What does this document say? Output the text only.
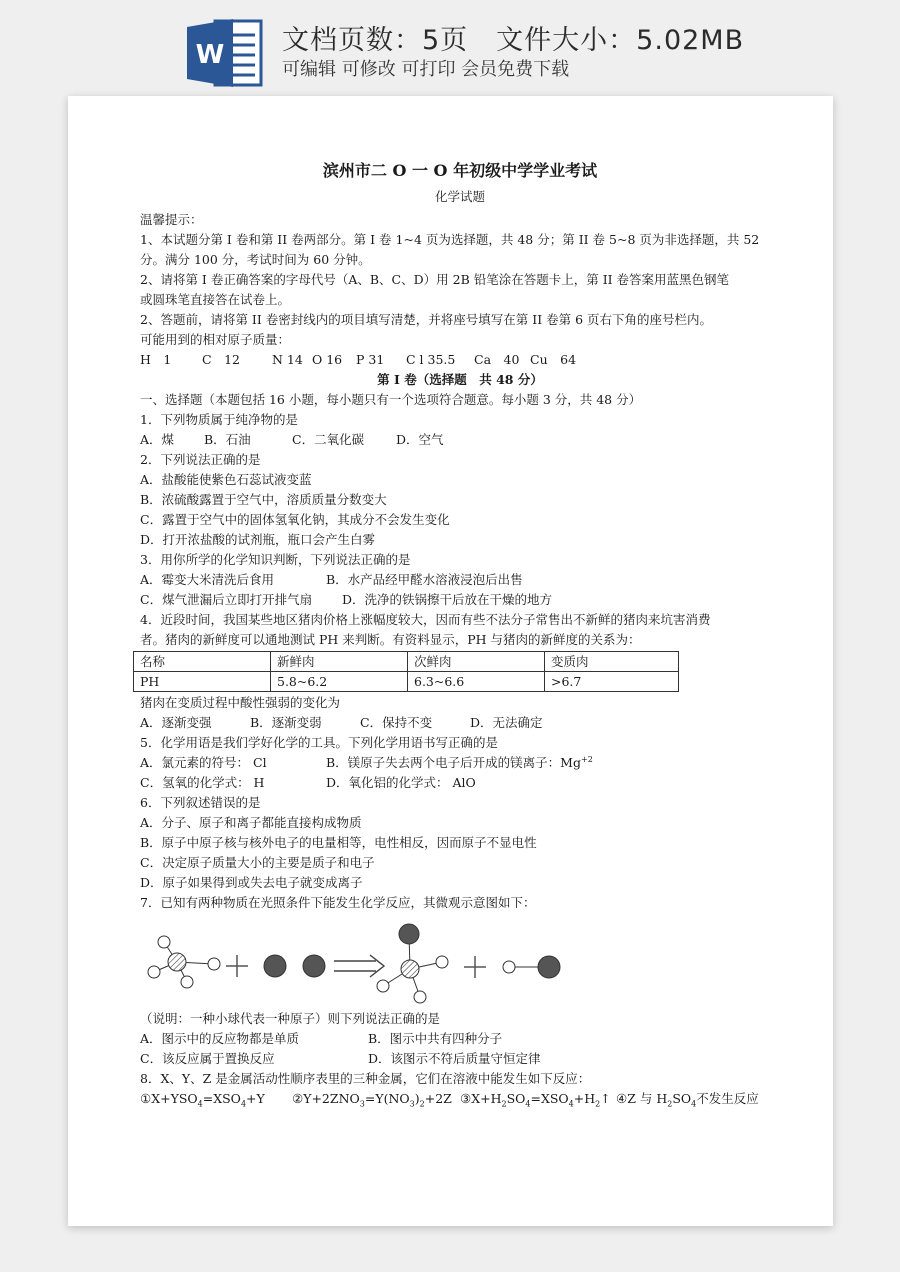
W 文档页数：5页　文件大小：5.02MB
可编辑 可修改 可打印 会员免费下载
滨州市二 O 一 O 年初级中学学业考试
化学试题
温馨提示：
1、本试题分第 I 卷和第 II 卷两部分。第 I 卷 1~4 页为选择题，共 48 分；第 II 卷 5~8 页为非选择题，共 52
分。满分 100 分，考试时间为 60 分钟。
2、请将第 I 卷正确答案的字母代号（A、B、C、D）用 2B 铅笔涂在答题卡上，第 II 卷答案用蓝黑色钢笔
或圆珠笔直接答在试卷上。
2、答题前，请将第 II 卷密封线内的项目填写清楚，并将座号填写在第 II 卷第 6 页右下角的座号栏内。
可能用到的相对原子质量：
H　1 C　12	N 14 O 16 P 31 C l 35.5 Ca　40 Cu　64
第 I 卷（选择题　共 48 分）
一、选择题（本题包括 16 小题，每小题只有一个选项符合题意。每小题 3 分，共 48 分）
1．下列物质属于纯净物的是
A．煤 B．石油	C．二氧化碳	D．空气
2．下列说法正确的是
A．盐酸能使紫色石蕊试液变蓝
B．浓硫酸露置于空气中，溶质质量分数变大
C．露置于空气中的固体氢氧化钠，其成分不会发生变化
D．打开浓盐酸的试剂瓶，瓶口会产生白雾
3．用你所学的化学知识判断，下列说法正确的是
A．霉变大米清洗后食用	B．水产品经甲醛水溶液浸泡后出售
C．煤气泄漏后立即打开排气扇 D．洗净的铁锅擦干后放在干燥的地方
4．近段时间，我国某些地区猪肉价格上涨幅度较大，因而有些不法分子常售出不新鲜的猪肉来坑害消费
者。猪肉的新鲜度可以通地测试 PH 来判断。有资料显示，PH 与猪肉的新鲜度的关系为：
名称	新鲜肉	次鲜肉	变质肉
PH	5.8~6.2	6.3~6.6	>6.7
猪肉在变质过程中酸性强弱的变化为
A．逐渐变强	B．逐渐变弱	C．保持不变	D．无法确定
5．化学用语是我们学好化学的工具。下列化学用语书写正确的是
A．氯元素的符号： Cl	B．镁原子失去两个电子后开成的镁离子：$Mg^{+2}$
C．氢氧的化学式： H	D．氧化铝的化学式： AlO
6．下列叙述错误的是
A．分子、原子和离子都能直接构成物质
B．原子中原子核与核外电子的电量相等，电性相反，因而原子不显电性
C．决定原子质量大小的主要是质子和电子
D．原子如果得到或失去电子就变成离子
7．已知有两种物质在光照条件下能发生化学反应，其微观示意图如下：
（说明：一种小球代表一种原子）则下列说法正确的是
A．图示中的反应物都是单质	B．图示中共有四种分子
C．该反应属于置换反应	D．该图示不符后质量守恒定律
8．X、Y、Z 是金属活动性顺序表里的三种金属，它们在溶液中能发生如下反应：
$①X+YSO_4=XSO_4+Y$ $②Y+2ZNO_3=Y(NO_3)_2+2Z$ $③X+H_2SO_4=XSO_4+H_2↑$ ④Z 与 $H_2SO_4$不发生反应
